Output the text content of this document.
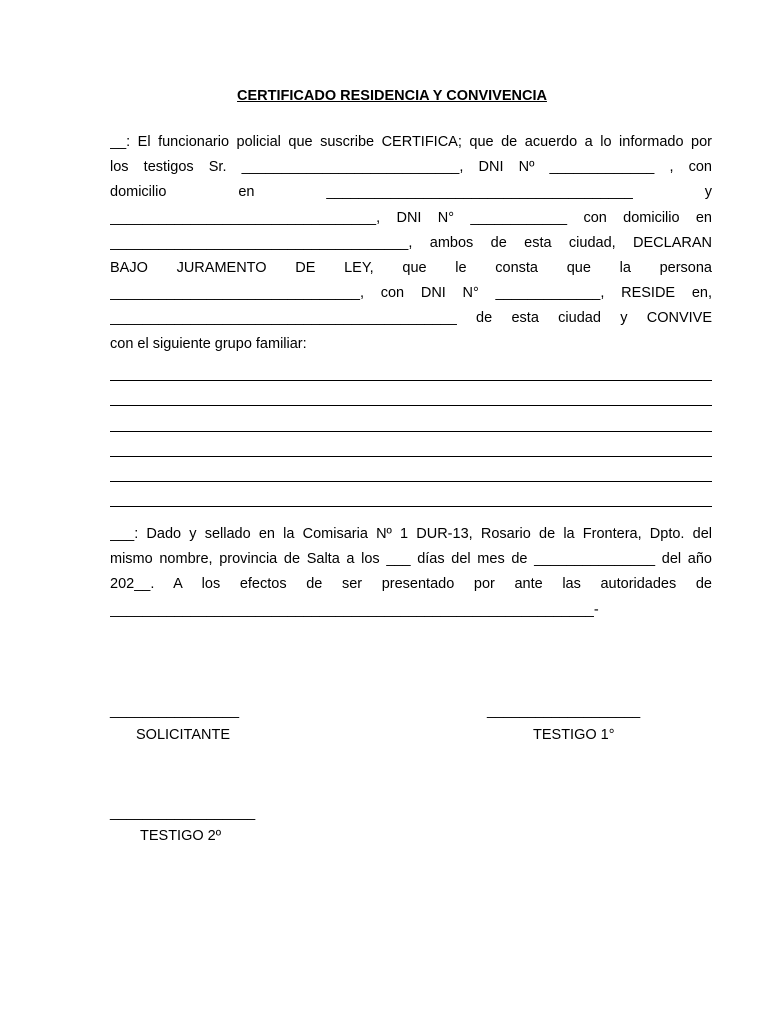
CERTIFICADO RESIDENCIA Y CONVIVENCIA
__: El funcionario policial que suscribe CERTIFICA; que de acuerdo a lo informado por
los testigos Sr. ___________________________, DNI Nº _____________ , con
domicilio en ______________________________________ y
_________________________________, DNI N° ____________ con domicilio en
_____________________________________, ambos de esta ciudad, DECLARAN
BAJO JURAMENTO DE LEY, que le consta que la persona
_______________________________, con DNI N° _____________, RESIDE en,
___________________________________________ de esta ciudad y CONVIVE
con el siguiente grupo familiar:
___: Dado y sellado en la Comisaria Nº 1 DUR-13, Rosario de la Frontera, Dpto. del
mismo nombre, provincia de Salta a los ___ días del mes de _______________ del año
202__. A los efectos de ser presentado por ante las autoridades de
____________________________________________________________-
________________
SOLICITANTE
___________________
TESTIGO 1°
__________________
TESTIGO 2º
